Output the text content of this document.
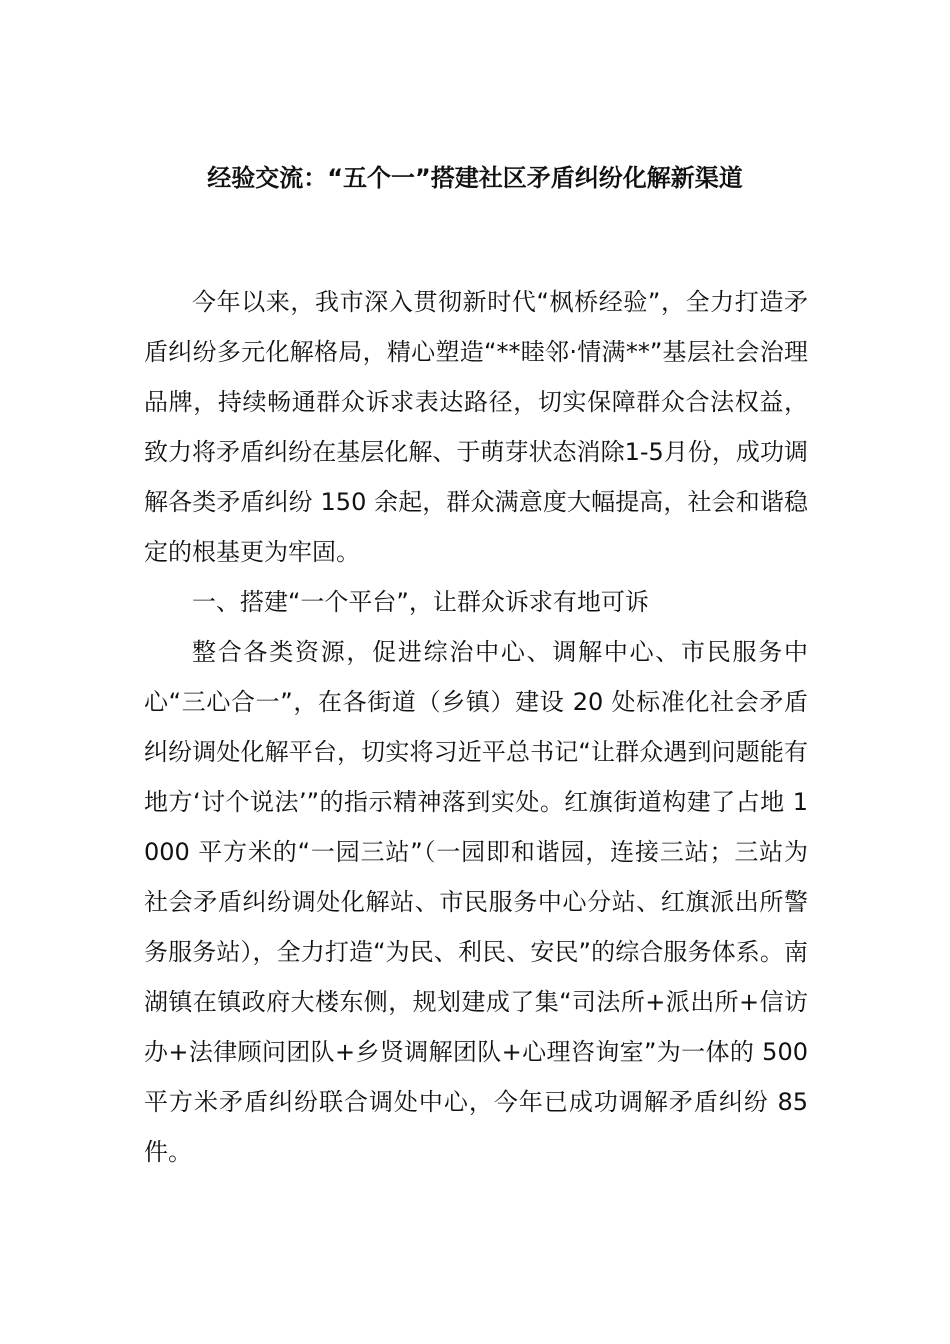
经验交流：“五个一”搭建社区矛盾纠纷化解新渠道

今年以来，我市深入贯彻新时代“枫桥经验”，全力打造矛盾纠纷多元化解格局，精心塑造“**睦邻·情满**”基层社会治理品牌，持续畅通群众诉求表达路径，切实保障群众合法权益，致力将矛盾纠纷在基层化解、于萌芽状态消除1-5月份，成功调解各类矛盾纠纷 150 余起，群众满意度大幅提高，社会和谐稳定的根基更为牢固。

一、搭建“一个平台”，让群众诉求有地可诉

整合各类资源，促进综治中心、调解中心、市民服务中心“三心合一”，在各街道（乡镇）建设 20 处标准化社会矛盾纠纷调处化解平台，切实将习近平总书记“让群众遇到问题能有地方‘讨个说法’”的指示精神落到实处。红旗街道构建了占地 1000 平方米的“一园三站”（一园即和谐园，连接三站；三站为社会矛盾纠纷调处化解站、市民服务中心分站、红旗派出所警务服务站），全力打造“为民、利民、安民”的综合服务体系。南湖镇在镇政府大楼东侧，规划建成了集“司法所+派出所+信访办+法律顾问团队+乡贤调解团队+心理咨询室”为一体的 500 平方米矛盾纠纷联合调处中心，今年已成功调解矛盾纠纷 85 件。
